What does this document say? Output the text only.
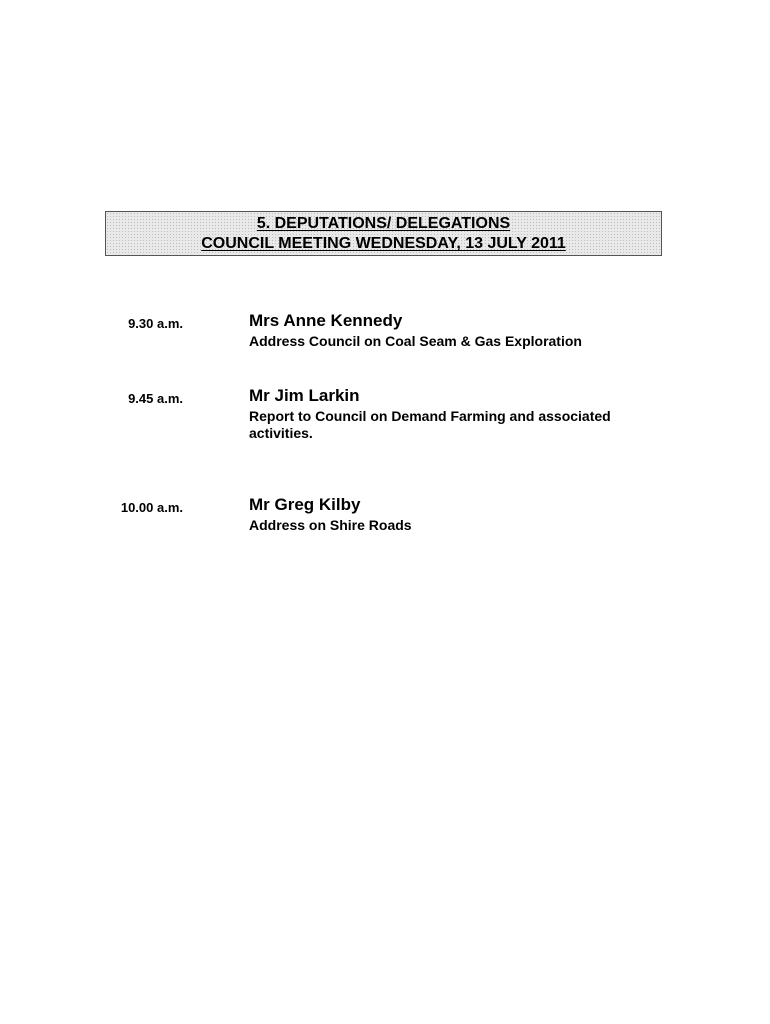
5. DEPUTATIONS/ DELEGATIONS
COUNCIL MEETING WEDNESDAY, 13 JULY 2011
9.30 a.m.	Mrs Anne Kennedy
Address Council on Coal Seam & Gas Exploration
9.45 a.m.	Mr Jim Larkin
Report to Council on Demand Farming and associated activities.
10.00 a.m.	Mr Greg Kilby
Address on Shire Roads
